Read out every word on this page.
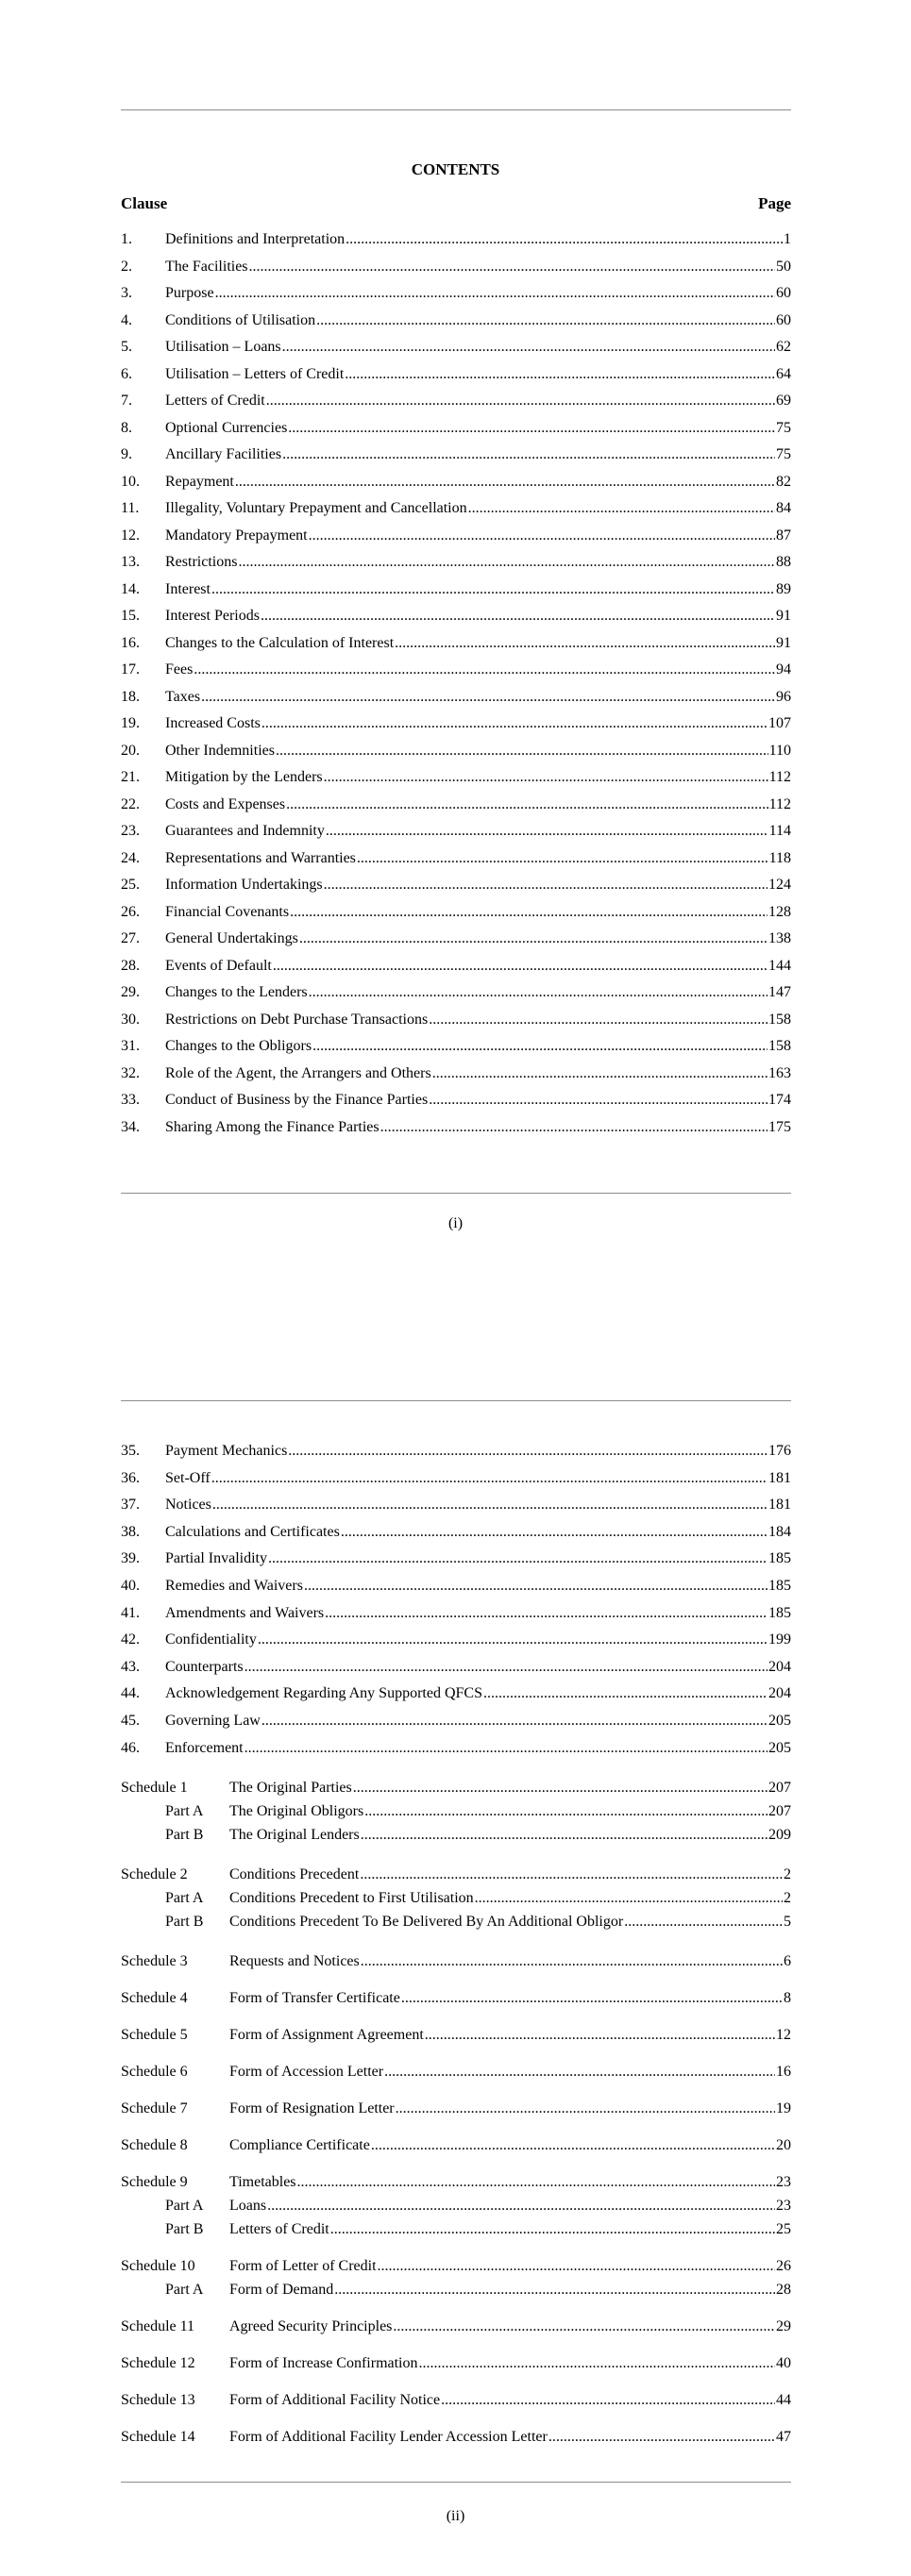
CONTENTS
Clause	Page
1.	Definitions and Interpretation .....	1
2.	The Facilities .....	50
3.	Purpose .....	60
4.	Conditions of Utilisation .....	60
5.	Utilisation – Loans .....	62
6.	Utilisation – Letters of Credit .....	64
7.	Letters of Credit .....	69
8.	Optional Currencies .....	75
9.	Ancillary Facilities .....	75
10.	Repayment .....	82
11.	Illegality, Voluntary Prepayment and Cancellation .....	84
12.	Mandatory Prepayment .....	87
13.	Restrictions .....	88
14.	Interest .....	89
15.	Interest Periods .....	91
16.	Changes to the Calculation of Interest .....	91
17.	Fees .....	94
18.	Taxes .....	96
19.	Increased Costs .....	107
20.	Other Indemnities .....	110
21.	Mitigation by the Lenders .....	112
22.	Costs and Expenses .....	112
23.	Guarantees and Indemnity .....	114
24.	Representations and Warranties .....	118
25.	Information Undertakings .....	124
26.	Financial Covenants .....	128
27.	General Undertakings .....	138
28.	Events of Default .....	144
29.	Changes to the Lenders .....	147
30.	Restrictions on Debt Purchase Transactions .....	158
31.	Changes to the Obligors .....	158
32.	Role of the Agent, the Arrangers and Others .....	163
33.	Conduct of Business by the Finance Parties .....	174
34.	Sharing Among the Finance Parties .....	175
(i)
35.	Payment Mechanics .....	176
36.	Set-Off .....	181
37.	Notices .....	181
38.	Calculations and Certificates .....	184
39.	Partial Invalidity .....	185
40.	Remedies and Waivers .....	185
41.	Amendments and Waivers .....	185
42.	Confidentiality .....	199
43.	Counterparts .....	204
44.	Acknowledgement Regarding Any Supported QFCS .....	204
45.	Governing Law .....	205
46.	Enforcement .....	205
Schedule 1	The Original Parties .....	207
Part A	The Original Obligors .....	207
Part B	The Original Lenders .....	209
Schedule 2	Conditions Precedent .....	2
Part A	Conditions Precedent to First Utilisation .....	2
Part B	Conditions Precedent To Be Delivered By An Additional Obligor .....	5
Schedule 3	Requests and Notices .....	6
Schedule 4	Form of Transfer Certificate .....	8
Schedule 5	Form of Assignment Agreement .....	12
Schedule 6	Form of Accession Letter .....	16
Schedule 7	Form of Resignation Letter .....	19
Schedule 8	Compliance Certificate .....	20
Schedule 9	Timetables .....	23
Part A	Loans .....	23
Part B	Letters of Credit .....	25
Schedule 10	Form of Letter of Credit .....	26
Part A	Form of Demand .....	28
Schedule 11	Agreed Security Principles .....	29
Schedule 12	Form of Increase Confirmation .....	40
Schedule 13	Form of Additional Facility Notice .....	44
Schedule 14	Form of Additional Facility Lender Accession Letter .....	47
(ii)
